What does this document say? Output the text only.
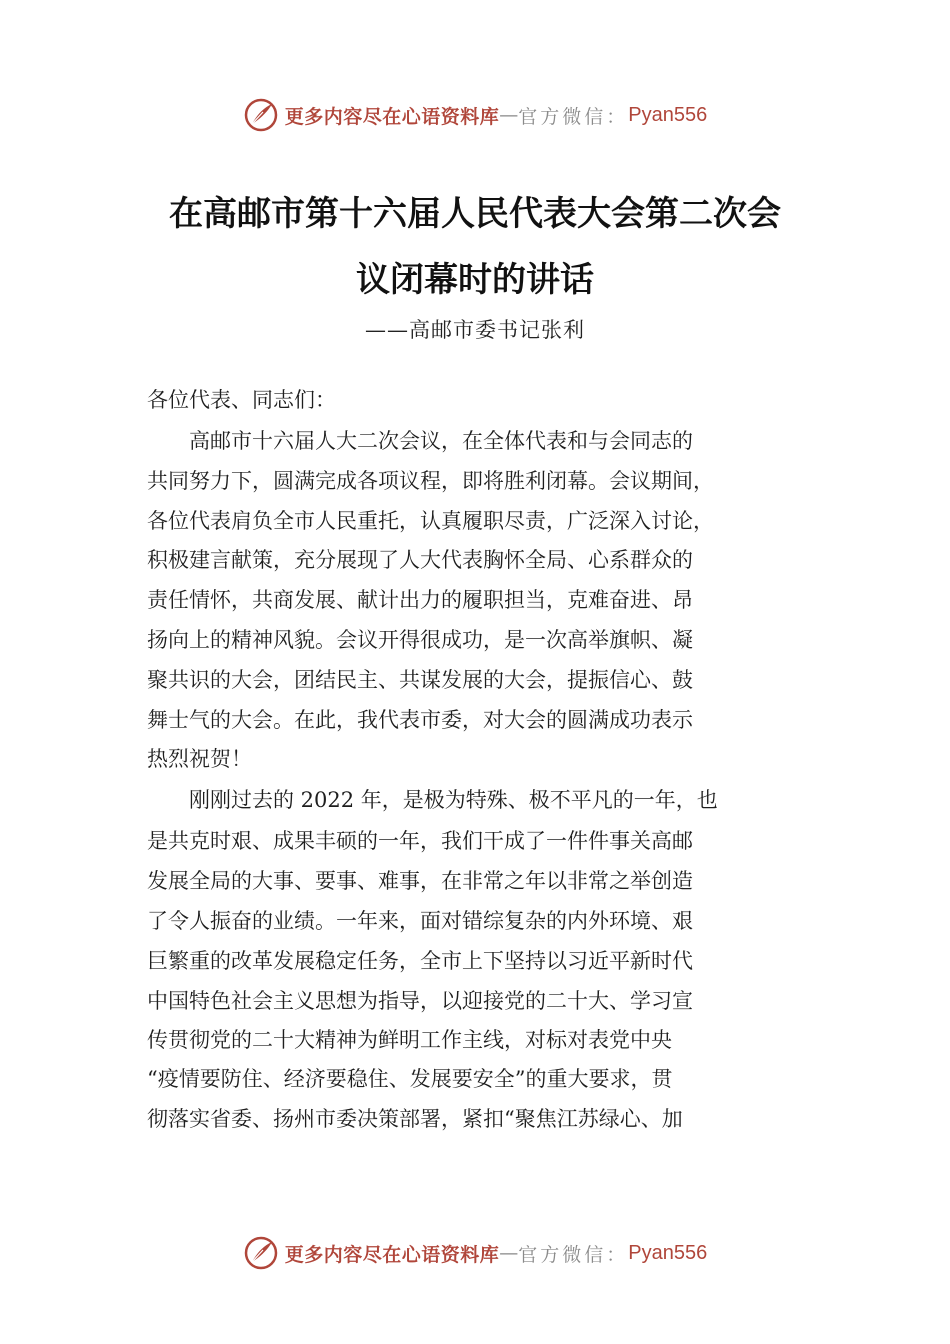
更多内容尽在心语资料库 — 官方微信： Pyan556
在高邮市第十六届人民代表大会第二次会
议闭幕时的讲话
——高邮市委书记张利
各位代表、同志们：
　　高邮市十六届人大二次会议，在全体代表和与会同志的
共同努力下，圆满完成各项议程，即将胜利闭幕。会议期间，
各位代表肩负全市人民重托，认真履职尽责，广泛深入讨论，
积极建言献策，充分展现了人大代表胸怀全局、心系群众的
责任情怀，共商发展、献计出力的履职担当，克难奋进、昂
扬向上的精神风貌。会议开得很成功，是一次高举旗帜、凝
聚共识的大会，团结民主、共谋发展的大会，提振信心、鼓
舞士气的大会。在此，我代表市委，对大会的圆满成功表示
热烈祝贺！
　　刚刚过去的 2022 年，是极为特殊、极不平凡的一年，也
是共克时艰、成果丰硕的一年，我们干成了一件件事关高邮
发展全局的大事、要事、难事，在非常之年以非常之举创造
了令人振奋的业绩。一年来，面对错综复杂的内外环境、艰
巨繁重的改革发展稳定任务，全市上下坚持以习近平新时代
中国特色社会主义思想为指导，以迎接党的二十大、学习宣
传贯彻党的二十大精神为鲜明工作主线，对标对表党中央
“疫情要防住、经济要稳住、发展要安全”的重大要求，贯
彻落实省委、扬州市委决策部署，紧扣“聚焦江苏绿心、加
更多内容尽在心语资料库 — 官方微信： Pyan556
